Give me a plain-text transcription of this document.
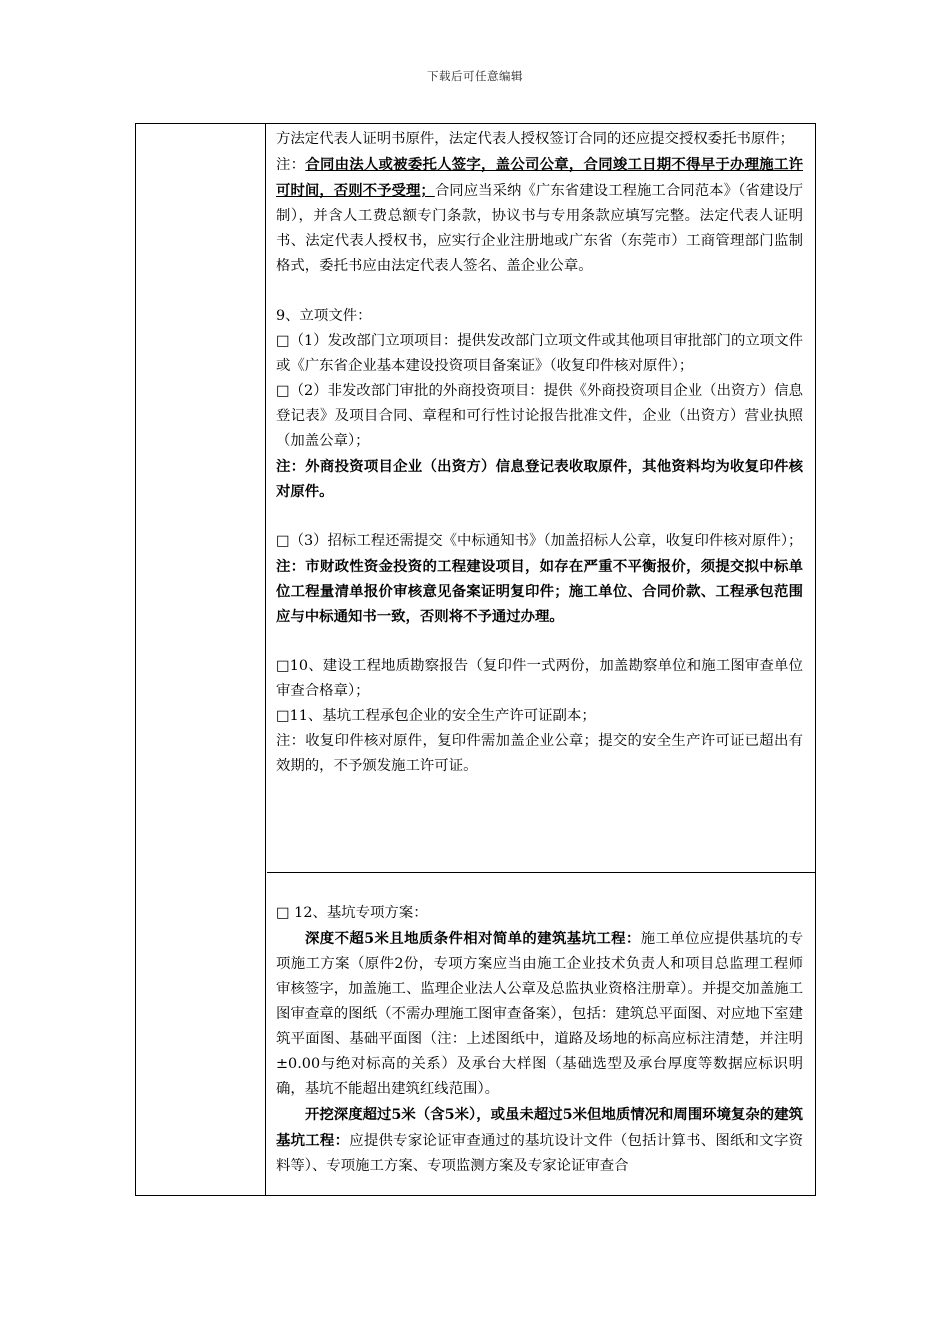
下载后可任意编辑

方法定代表人证明书原件，法定代表人授权签订合同的还应提交授权委托书原件；

注：合同由法人或被委托人签字，盖公司公章，合同竣工日期不得早于办理施工许可时间，否则不予受理；合同应当采纳《广东省建设工程施工合同范本》（省建设厅制），并含人工费总额专门条款，协议书与专用条款应填写完整。法定代表人证明书、法定代表人授权书，应实行企业注册地或广东省（东莞市）工商管理部门监制格式，委托书应由法定代表人签名、盖企业公章。

9、立项文件：

□（1）发改部门立项项目：提供发改部门立项文件或其他项目审批部门的立项文件或《广东省企业基本建设投资项目备案证》（收复印件核对原件）；

□（2）非发改部门审批的外商投资项目：提供《外商投资项目企业（出资方）信息登记表》及项目合同、章程和可行性讨论报告批准文件，企业（出资方）营业执照（加盖公章）；

注：外商投资项目企业（出资方）信息登记表收取原件，其他资料均为收复印件核对原件。

□（3）招标工程还需提交《中标通知书》（加盖招标人公章，收复印件核对原件）；

注：市财政性资金投资的工程建设项目，如存在严重不平衡报价，须提交拟中标单位工程量清单报价审核意见备案证明复印件；施工单位、合同价款、工程承包范围应与中标通知书一致，否则将不予通过办理。

□10、建设工程地质勘察报告（复印件一式两份，加盖勘察单位和施工图审查单位审查合格章）；

□11、基坑工程承包企业的安全生产许可证副本；

注：收复印件核对原件，复印件需加盖企业公章；提交的安全生产许可证已超出有效期的，不予颁发施工许可证。

□ 12、基坑专项方案：

深度不超5米且地质条件相对简单的建筑基坑工程：施工单位应提供基坑的专项施工方案（原件2份，专项方案应当由施工企业技术负责人和项目总监理工程师审核签字，加盖施工、监理企业法人公章及总监执业资格注册章）。并提交加盖施工图审查章的图纸（不需办理施工图审查备案），包括：建筑总平面图、对应地下室建筑平面图、基础平面图（注：上述图纸中，道路及场地的标高应标注清楚，并注明±0.00与绝对标高的关系）及承台大样图（基础选型及承台厚度等数据应标识明确，基坑不能超出建筑红线范围）。

开挖深度超过5米（含5米），或虽未超过5米但地质情况和周围环境复杂的建筑基坑工程：应提供专家论证审查通过的基坑设计文件（包括计算书、图纸和文字资料等）、专项施工方案、专项监测方案及专家论证审查合
